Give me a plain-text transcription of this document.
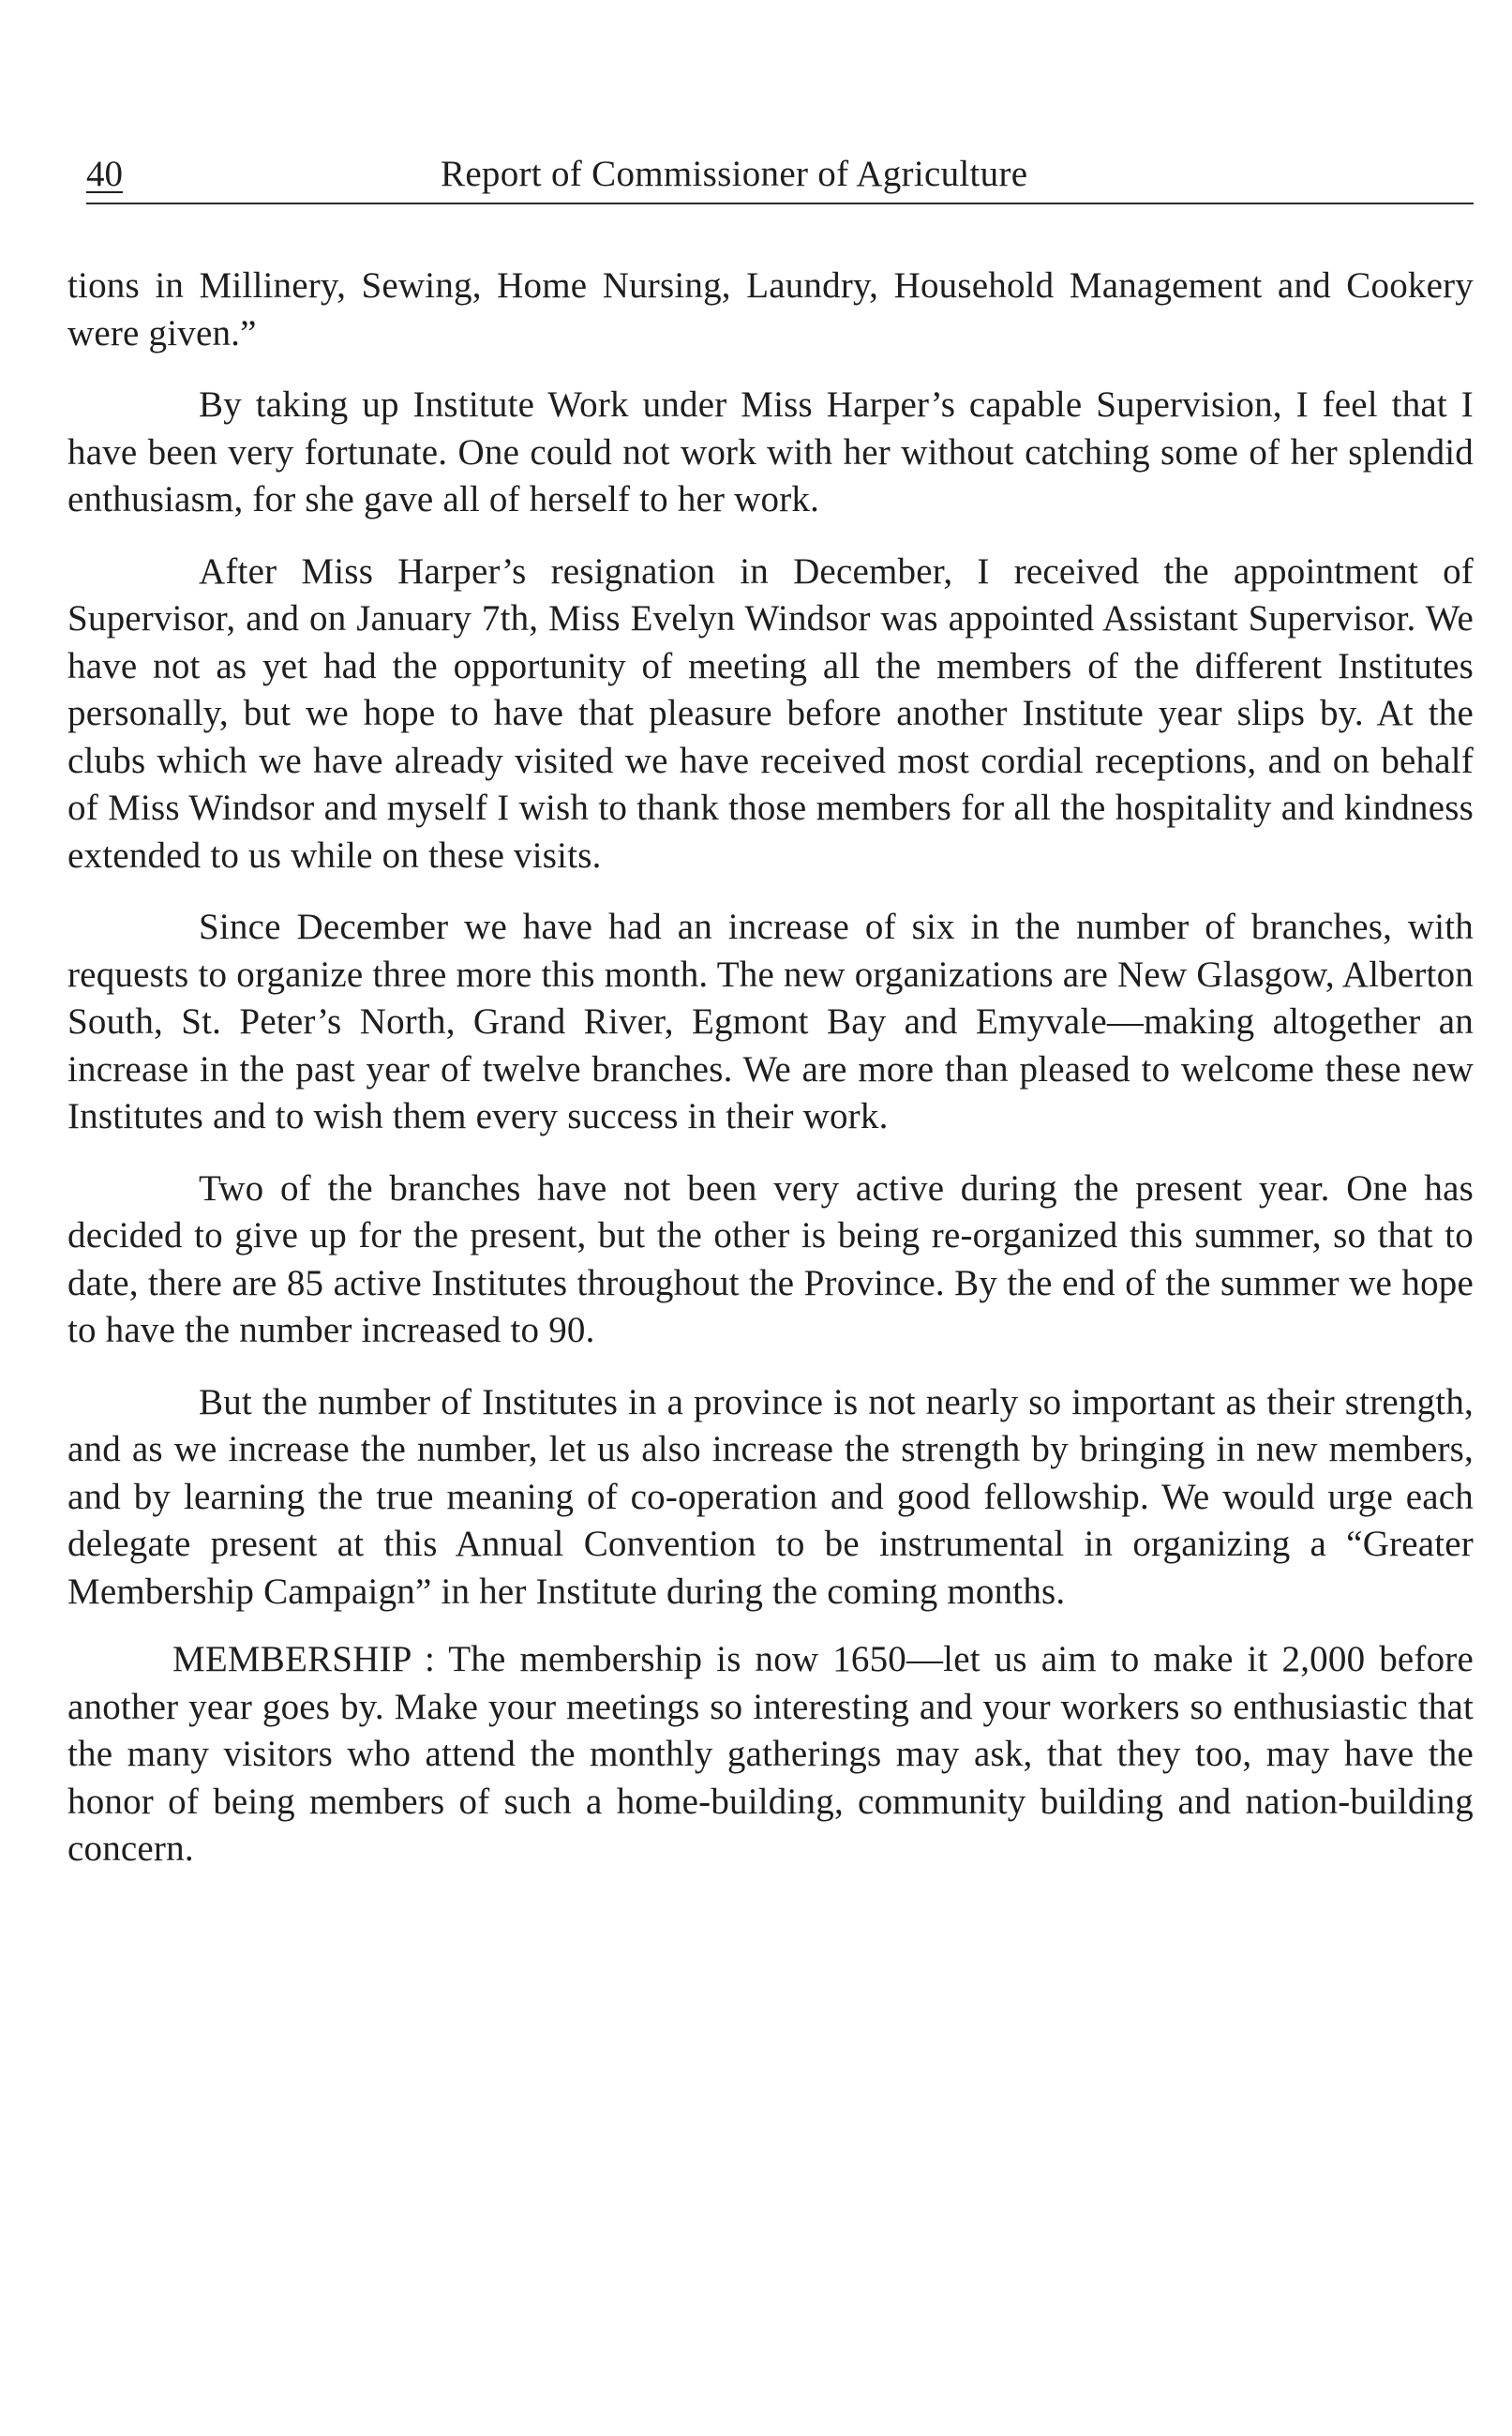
40	Report of Commissioner of Agriculture

tions in Millinery, Sewing, Home Nursing, Laundry, Household Management and Cookery were given.”

By taking up Institute Work under Miss Harper’s capable Supervision, I feel that I have been very fortunate. One could not work with her without catching some of her splendid enthusiasm, for she gave all of herself to her work.

After Miss Harper’s resignation in December, I received the appointment of Supervisor, and on January 7th, Miss Evelyn Windsor was appointed Assistant Supervisor. We have not as yet had the opportunity of meeting all the members of the different Institutes personally, but we hope to have that pleasure before another Institute year slips by. At the clubs which we have already visited we have received most cordial receptions, and on behalf of Miss Windsor and myself I wish to thank those members for all the hospitality and kindness extended to us while on these visits.

Since December we have had an increase of six in the number of branches, with requests to organize three more this month. The new organizations are New Glasgow, Alberton South, St. Peter’s North, Grand River, Egmont Bay and Emyvale—making altogether an increase in the past year of twelve branches. We are more than pleased to welcome these new Institutes and to wish them every success in their work.

Two of the branches have not been very active during the present year. One has decided to give up for the present, but the other is being re-organized this summer, so that to date, there are 85 active Institutes throughout the Province. By the end of the summer we hope to have the number increased to 90.

But the number of Institutes in a province is not nearly so important as their strength, and as we increase the number, let us also increase the strength by bringing in new members, and by learning the true meaning of co-operation and good fellowship. We would urge each delegate present at this Annual Convention to be instrumental in organizing a “Greater Membership Campaign” in her Institute during the coming months.

MEMBERSHIP : The membership is now 1650—let us aim to make it 2,000 before another year goes by. Make your meetings so interesting and your workers so enthusiastic that the many visitors who attend the monthly gatherings may ask, that they too, may have the honor of being members of such a home-building, community building and nation-building concern.
